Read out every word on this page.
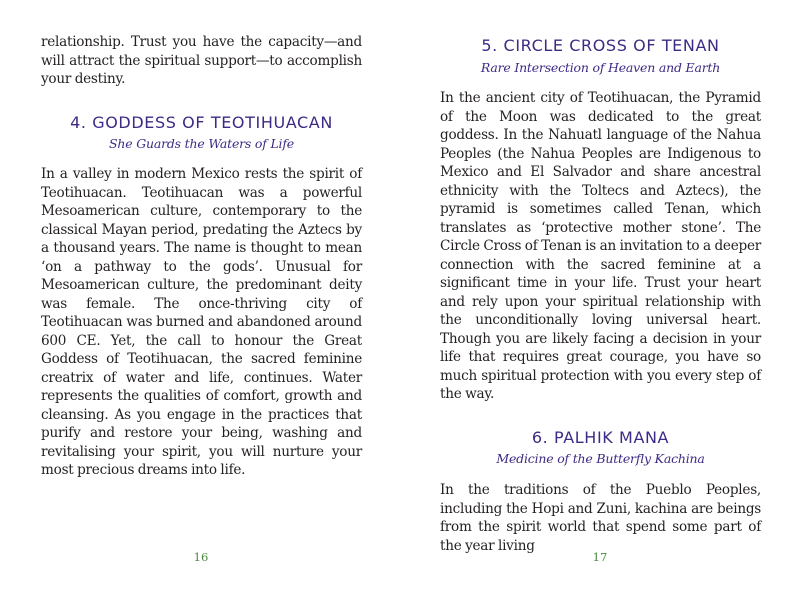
relationship. Trust you have the capacity—and will attract the spiritual support—to accomplish your destiny.

4. GODDESS OF TEOTIHUACAN
She Guards the Waters of Life

In a valley in modern Mexico rests the spirit of Teotihuacan. Teotihuacan was a powerful Mesoamerican culture, contemporary to the classical Mayan period, predating the Aztecs by a thousand years. The name is thought to mean ‘on a pathway to the gods’. Unusual for Mesoamerican culture, the predominant deity was female. The once-thriving city of Teotihuacan was burned and abandoned around 600 CE. Yet, the call to honour the Great Goddess of Teotihuacan, the sacred feminine creatrix of water and life, continues. Water represents the qualities of comfort, growth and cleansing. As you engage in the practices that purify and restore your being, washing and revitalising your spirit, you will nurture your most precious dreams into life.

16
5. CIRCLE CROSS OF TENAN
Rare Intersection of Heaven and Earth

In the ancient city of Teotihuacan, the Pyramid of the Moon was dedicated to the great goddess. In the Nahuatl language of the Nahua Peoples (the Nahua Peoples are Indigenous to Mexico and El Salvador and share ancestral ethnicity with the Toltecs and Aztecs), the pyramid is sometimes called Tenan, which translates as ‘protective mother stone’. The Circle Cross of Tenan is an invitation to a deeper connection with the sacred feminine at a significant time in your life. Trust your heart and rely upon your spiritual relationship with the unconditionally loving universal heart. Though you are likely facing a decision in your life that requires great courage, you have so much spiritual protection with you every step of the way.

6. PALHIK MANA
Medicine of the Butterfly Kachina

In the traditions of the Pueblo Peoples, including the Hopi and Zuni, kachina are beings from the spirit world that spend some part of the year living

17
